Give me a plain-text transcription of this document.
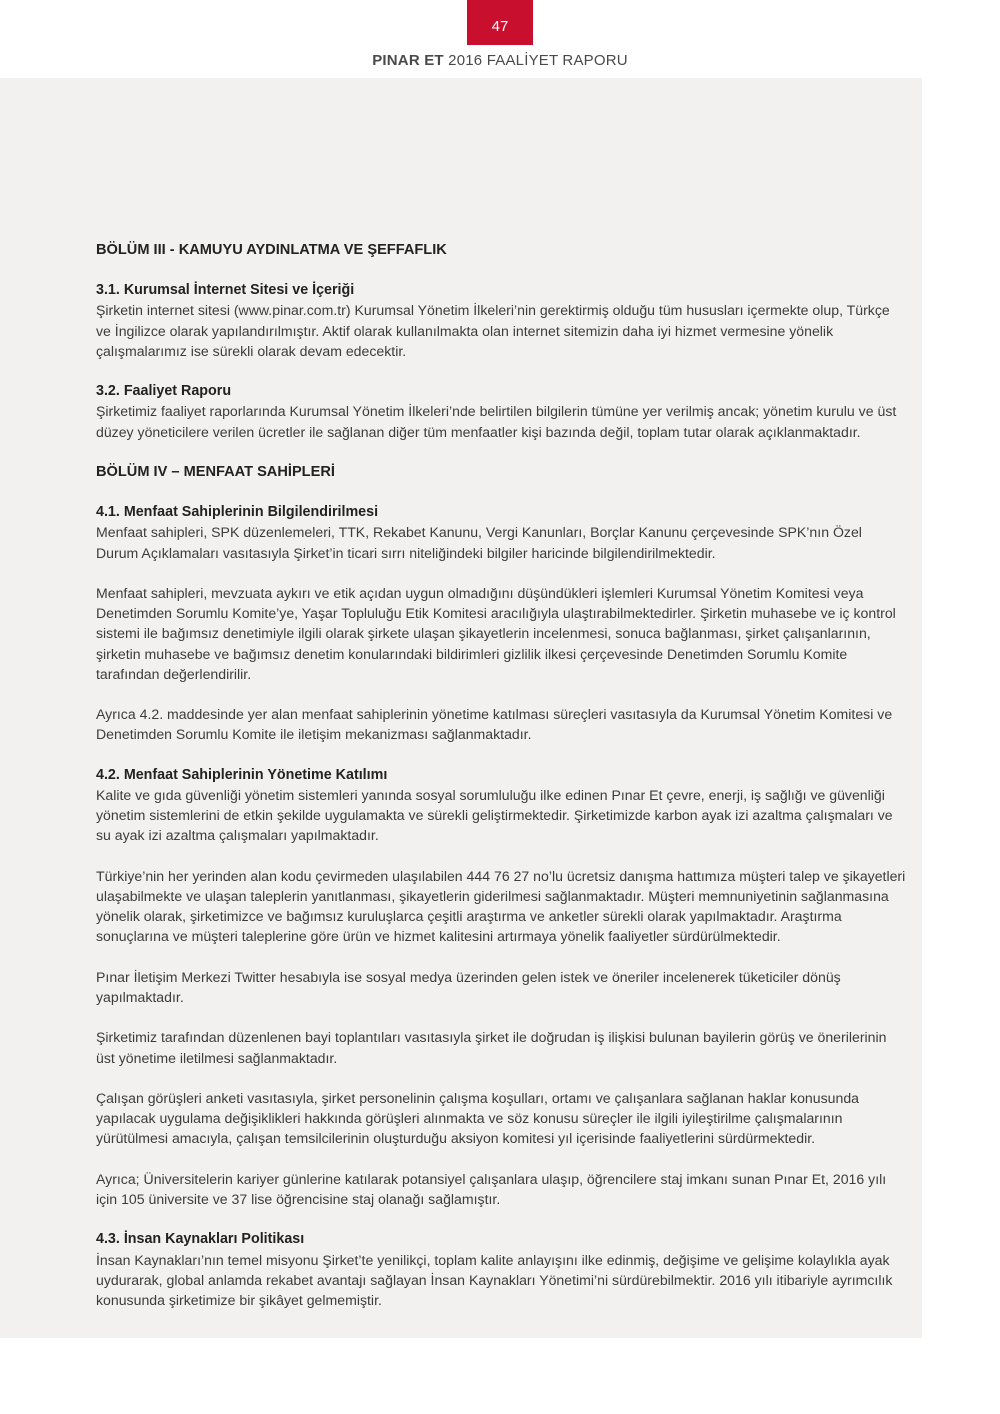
47
PINAR ET 2016 FAALİYET RAPORU
BÖLÜM III - KAMUYU AYDINLATMA VE ŞEFFAFLIK
3.1. Kurumsal İnternet Sitesi ve İçeriği

Şirketin internet sitesi (www.pinar.com.tr) Kurumsal Yönetim İlkeleri’nin gerektirmiş olduğu tüm hususları içermekte olup, Türkçe ve İngilizce olarak yapılandırılmıştır. Aktif olarak kullanılmakta olan internet sitemizin daha iyi hizmet vermesine yönelik çalışmalarımız ise sürekli olarak devam edecektir.

3.2. Faaliyet Raporu

Şirketimiz faaliyet raporlarında Kurumsal Yönetim İlkeleri’nde belirtilen bilgilerin tümüne yer verilmiş ancak; yönetim kurulu ve üst düzey yöneticilere verilen ücretler ile sağlanan diğer tüm menfaatler kişi bazında değil, toplam tutar olarak açıklanmaktadır.

BÖLÜM IV – MENFAAT SAHİPLERİ
4.1. Menfaat Sahiplerinin Bilgilendirilmesi

Menfaat sahipleri, SPK düzenlemeleri, TTK, Rekabet Kanunu, Vergi Kanunları, Borçlar Kanunu çerçevesinde SPK’nın Özel Durum Açıklamaları vasıtasıyla Şirket’in ticari sırrı niteliğindeki bilgiler haricinde bilgilendirilmektedir.

Menfaat sahipleri, mevzuata aykırı ve etik açıdan uygun olmadığını düşündükleri işlemleri Kurumsal Yönetim Komitesi veya Denetimden Sorumlu Komite’ye, Yaşar Topluluğu Etik Komitesi aracılığıyla ulaştırabilmektedirler. Şirketin muhasebe ve iç kontrol sistemi ile bağımsız denetimiyle ilgili olarak şirkete ulaşan şikayetlerin incelenmesi, sonuca bağlanması, şirket çalışanlarının, şirketin muhasebe ve bağımsız denetim konularındaki bildirimleri gizlilik ilkesi çerçevesinde Denetimden Sorumlu Komite tarafından değerlendirilir.

Ayrıca 4.2. maddesinde yer alan menfaat sahiplerinin yönetime katılması süreçleri vasıtasıyla da Kurumsal Yönetim Komitesi ve Denetimden Sorumlu Komite ile iletişim mekanizması sağlanmaktadır.

4.2. Menfaat Sahiplerinin Yönetime Katılımı

Kalite ve gıda güvenliği yönetim sistemleri yanında sosyal sorumluluğu ilke edinen Pınar Et çevre, enerji, iş sağlığı ve güvenliği yönetim sistemlerini de etkin şekilde uygulamakta ve sürekli geliştirmektedir. Şirketimizde karbon ayak izi azaltma çalışmaları ve su ayak izi azaltma çalışmaları yapılmaktadır.

Türkiye’nin her yerinden alan kodu çevirmeden ulaşılabilen 444 76 27 no’lu ücretsiz danışma hattımıza müşteri talep ve şikayetleri ulaşabilmekte ve ulaşan taleplerin yanıtlanması, şikayetlerin giderilmesi sağlanmaktadır. Müşteri memnuniyetinin sağlanmasına yönelik olarak, şirketimizce ve bağımsız kuruluşlarca çeşitli araştırma ve anketler sürekli olarak yapılmaktadır. Araştırma sonuçlarına ve müşteri taleplerine göre ürün ve hizmet kalitesini artırmaya yönelik faaliyetler sürdürülmektedir.

Pınar İletişim Merkezi Twitter hesabıyla ise sosyal medya üzerinden gelen istek ve öneriler incelenerek tüketiciler dönüş yapılmaktadır.

Şirketimiz tarafından düzenlenen bayi toplantıları vasıtasıyla şirket ile doğrudan iş ilişkisi bulunan bayilerin görüş ve önerilerinin üst yönetime iletilmesi sağlanmaktadır.

Çalışan görüşleri anketi vasıtasıyla, şirket personelinin çalışma koşulları, ortamı ve çalışanlara sağlanan haklar konusunda yapılacak uygulama değişiklikleri hakkında görüşleri alınmakta ve söz konusu süreçler ile ilgili iyileştirilme çalışmalarının yürütülmesi amacıyla, çalışan temsilcilerinin oluşturduğu aksiyon komitesi yıl içerisinde faaliyetlerini sürdürmektedir.

Ayrıca; Üniversitelerin kariyer günlerine katılarak potansiyel çalışanlara ulaşıp, öğrencilere staj imkanı sunan Pınar Et, 2016 yılı için 105 üniversite ve 37 lise öğrencisine staj olanağı sağlamıştır.

4.3. İnsan Kaynakları Politikası

İnsan Kaynakları’nın temel misyonu Şirket’te yenilikçi, toplam kalite anlayışını ilke edinmiş, değişime ve gelişime kolaylıkla ayak uydurarak, global anlamda rekabet avantajı sağlayan İnsan Kaynakları Yönetimi’ni sürdürebilmektir. 2016 yılı itibariyle ayrımcılık konusunda şirketimize bir şikâyet gelmemiştir.
